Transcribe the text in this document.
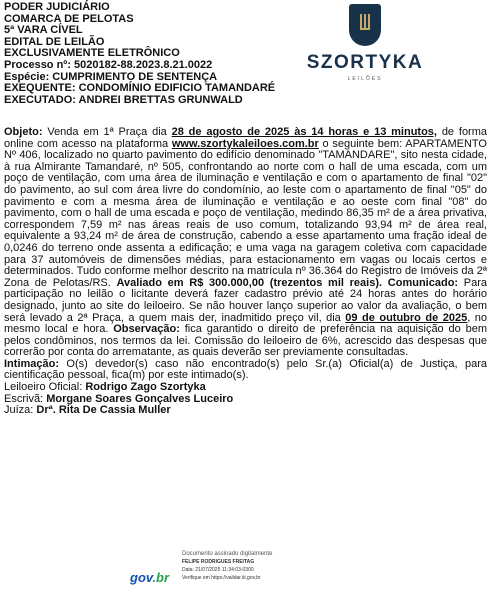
PODER JUDICIÁRIO
COMARCA DE PELOTAS
5ª VARA CÍVEL
EDITAL DE LEILÃO
EXCLUSIVAMENTE ELETRÔNICO
Processo nº: 5020182-88.2023.8.21.0022
Espécie: CUMPRIMENTO DE SENTENÇA
EXEQUENTE: CONDOMÍNIO EDIFICIO TAMANDARÉ
EXECUTADO: ANDREI BRETTAS GRUNWALD
SZORTYKA
LEILÕES

Objeto: Venda em 1ª Praça dia 28 de agosto de 2025 às 14 horas e 13 minutos, de forma online com acesso na plataforma www.szortykaleiloes.com.br o seguinte bem: APARTAMENTO Nº 406, localizado no quarto pavimento do edifício denominado "TAMANDARE", sito nesta cidade, à rua Almirante Tamandaré, nº 505, confrontando ao norte com o hall de uma escada, com um poço de ventilação, com uma área de iluminação e ventilação e com o apartamento de final "02" do pavimento, ao sul com área livre do condomínio, ao leste com o apartamento de final "05" do pavimento e com a mesma área de iluminação e ventilação e ao oeste com final "08" do pavimento, com o hall de uma escada e poço de ventilação, medindo 86,35 m² de a área privativa, correspondem 7,59 m² nas áreas reais de uso comum, totalizando 93,94 m² de área real, equivalente a 93,24 m² de área de construção, cabendo a esse apartamento uma fração ideal de 0,0246 do terreno onde assenta a edificação; e uma vaga na garagem coletiva com capacidade para 37 automóveis de dimensões médias, para estacionamento em vagas ou locais certos e determinados. Tudo conforme melhor descrito na matrícula nº 36.364 do Registro de Imóveis da 2ª Zona de Pelotas/RS. Avaliado em R$ 300.000,00 (trezentos mil reais). Comunicado: Para participação no leilão o licitante deverá fazer cadastro prévio até 24 horas antes do horário designado, junto ao site do leiloeiro. Se não houver lanço superior ao valor da avaliação, o bem será levado a 2ª Praça, a quem mais der, inadmitido preço vil, dia 09 de outubro de 2025, no mesmo local e hora. Observação: fica garantido o direito de preferência na aquisição do bem pelos condôminos, nos termos da lei. Comissão do leiloeiro de 6%, acrescido das despesas que correrão por conta do arrematante, as quais deverão ser previamente consultadas.

Intimação: O(s) devedor(s) caso não encontrado(s) pelo Sr.(a) Oficial(a) de Justiça, para cientificação pessoal, fica(m) por este intimado(s).

Leiloeiro Oficial: Rodrigo Zago Szortyka

Escrivã: Morgane Soares Gonçalves Luceiro

Juíza: Drª. Rita De Cassia Muller

gov.br
Documento assinado digitalmente
FELIPE RODRIGUES FREITAG
Data: 21/07/2025 11:34:03-0300
Verifique em https://validar.iti.gov.br
